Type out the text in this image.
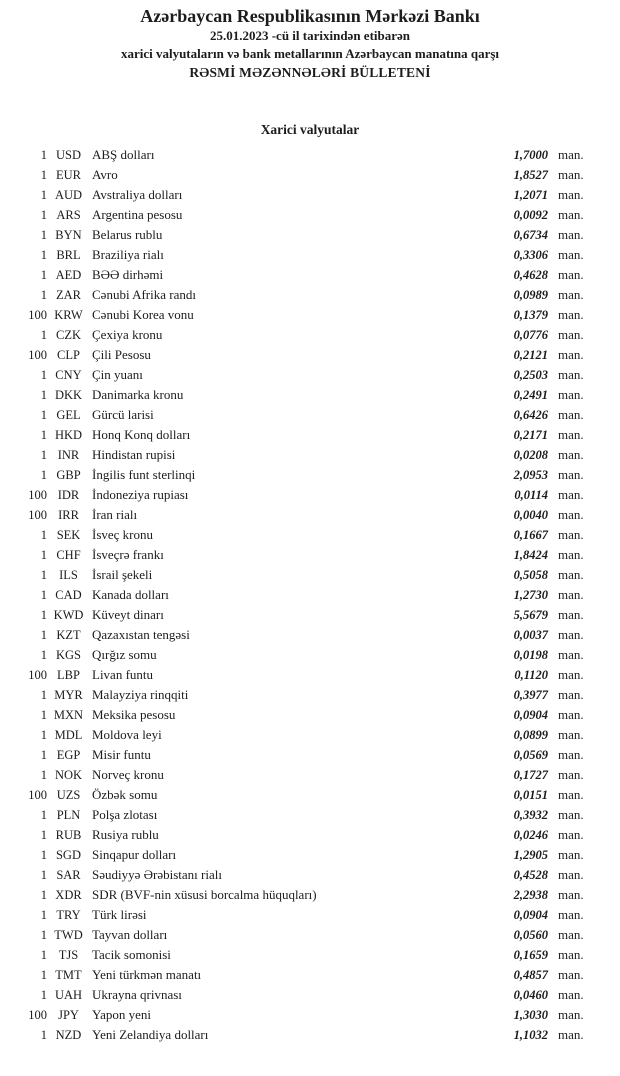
Azərbaycan Respublikasının Mərkəzi Bankı
25.01.2023 -cü il tarixindən etibarən
xarici valyutaların və bank metallarının Azərbaycan manatına qarşı
RƏSMİ MƏZƏNNƏLƏRİ BÜLLETENİ
Xarici valyutalar
1 USD ABŞ dolları	1,7000 man.
1 EUR Avro	1,8527 man.
1 AUD Avstraliya dolları	1,2071 man.
1 ARS Argentina pesosu	0,0092 man.
1 BYN Belarus rublu	0,6734 man.
1 BRL Braziliya rialı	0,3306 man.
1 AED BƏƏ dirhəmi	0,4628 man.
1 ZAR Cənubi Afrika randı	0,0989 man.
100 KRW Cənubi Korea vonu	0,1379 man.
1 CZK Çexiya kronu	0,0776 man.
100 CLP Çili Pesosu	0,2121 man.
1 CNY Çin yuanı	0,2503 man.
1 DKK Danimarka kronu	0,2491 man.
1 GEL Gürcü larisi	0,6426 man.
1 HKD Honq Konq dolları	0,2171 man.
1 INR Hindistan rupisi	0,0208 man.
1 GBP İngilis funt sterlinqi	2,0953 man.
100 IDR İndoneziya rupiası	0,0114 man.
100 IRR	İran rialı	0,0040 man.
1 SEK İsveç kronu	0,1667 man.
1 CHF İsveçrə frankı	1,8424 man.
1 ILS	İsrail şekeli	0,5058 man.
1 CAD Kanada dolları	1,2730 man.
1 KWD Küveyt dinarı	5,5679 man.
1 KZT Qazaxıstan tengəsi	0,0037 man.
1 KGS Qırğız somu	0,0198 man.
100 LBP Livan funtu	0,1120 man.
1 MYR Malayziya rinqqiti	0,3977 man.
1 MXN Meksika pesosu	0,0904 man.
1 MDL Moldova leyi	0,0899 man.
1 EGP Misir funtu	0,0569 man.
1 NOK Norveç kronu	0,1727 man.
100 UZS Özbək somu	0,0151 man.
1 PLN Polşa zlotası	0,3932 man.
1 RUB Rusiya rublu	0,0246 man.
1 SGD Sinqapur dolları	1,2905 man.
1 SAR Səudiyyə Ərəbistanı rialı	0,4528 man.
1 XDR SDR (BVF-nin xüsusi borcalma hüquqları)	2,2938 man.
1 TRY Türk lirəsi	0,0904 man.
1 TWD Tayvan dolları	0,0560 man.
1 TJS	Tacik somonisi	0,1659 man.
1 TMT Yeni türkmən manatı	0,4857 man.
1 UAH Ukrayna qrivnası	0,0460 man.
100 JPY	Yapon yeni	1,3030 man.
1 NZD Yeni Zelandiya dolları	1,1032 man.
